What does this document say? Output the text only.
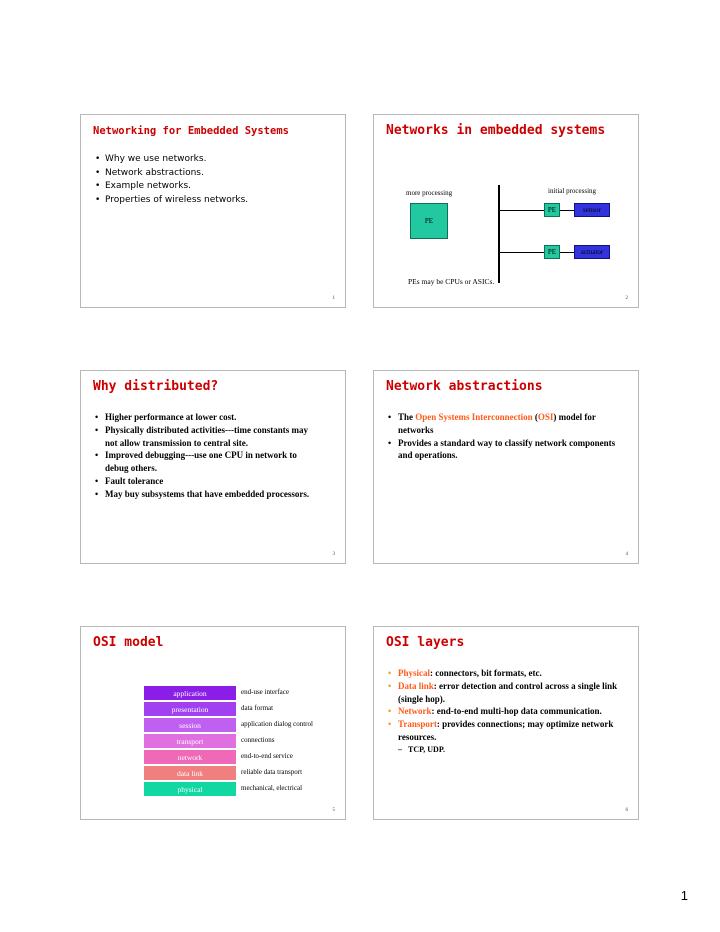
Networking for Embedded Systems
• Why we use networks.
• Network abstractions.
• Example networks.
• Properties of wireless networks.
1
Networks in embedded systems
more processing	initial processing
PE
PE	sensor
PE	actuator
PEs may be CPUs or ASICs.
2
Why distributed?
• Higher performance at lower cost.
• Physically distributed activities---time constants may not allow transmission to central site.
• Improved debugging---use one CPU in network to debug others.
• Fault tolerance
• May buy subsystems that have embedded processors.
3
Network abstractions
• The Open Systems Interconnection (OSI) model for networks
• Provides a standard way to classify network components and operations.
4
OSI model
application	end-use interface
presentation	data format
session	application dialog control
transport	connections
network	end-to-end service
data link	reliable data transport
physical	mechanical, electrical
5
OSI layers
• Physical: connectors, bit formats, etc.
• Data link: error detection and control across a single link (single hop).
• Network: end-to-end multi-hop data communication.
• Transport: provides connections; may optimize network resources.
– TCP, UDP.
6
1
